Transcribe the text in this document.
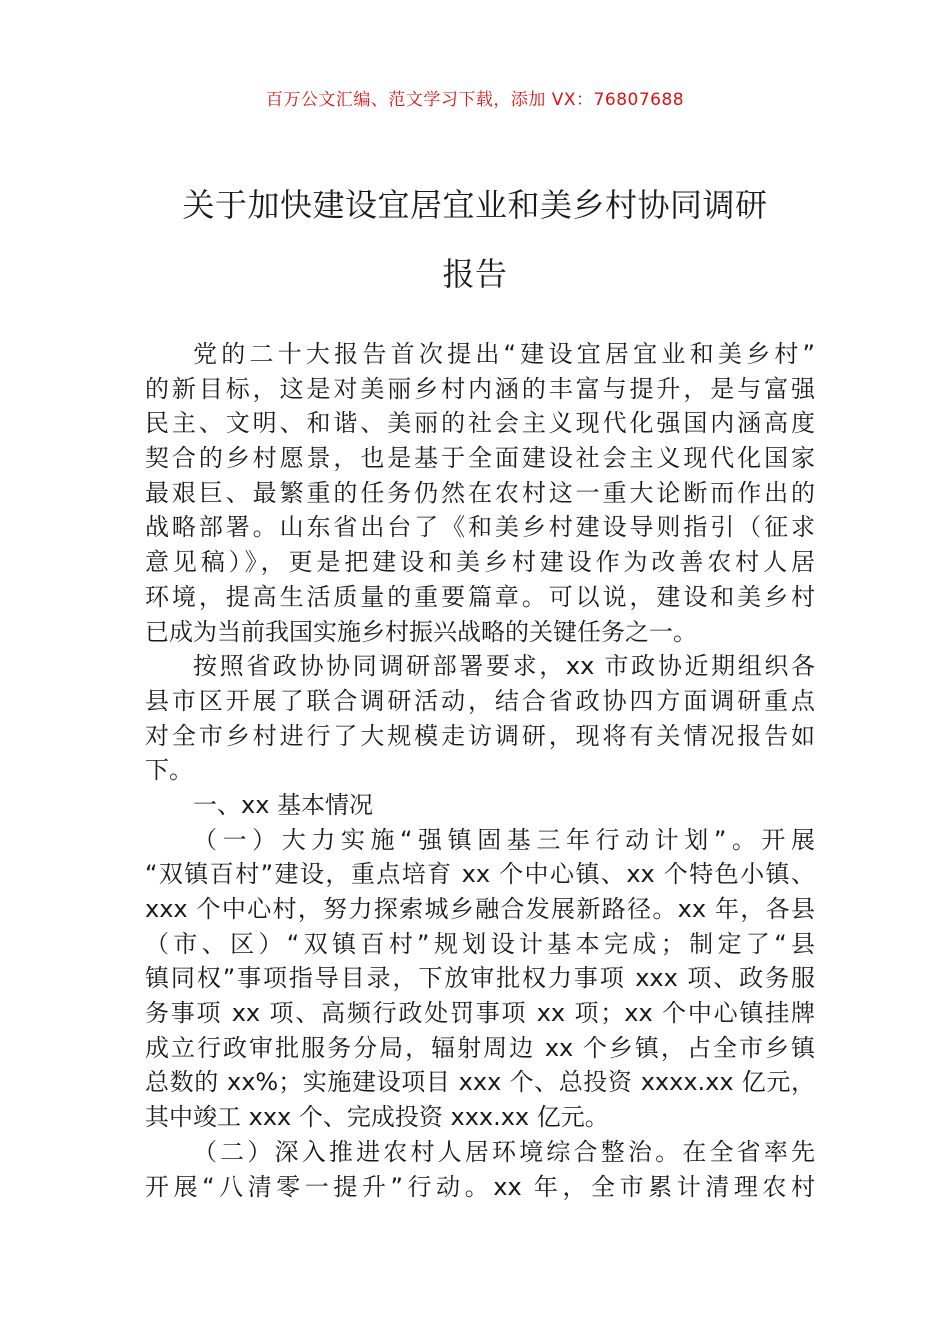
百万公文汇编、范文学习下载，添加 VX：76807688
关于加快建设宜居宜业和美乡村协同调研
报告
党的二十大报告首次提出“建设宜居宜业和美乡村”
的新目标，这是对美丽乡村内涵的丰富与提升，是与富强
民主、文明、和谐、美丽的社会主义现代化强国内涵高度
契合的乡村愿景，也是基于全面建设社会主义现代化国家
最艰巨、最繁重的任务仍然在农村这一重大论断而作出的
战略部署。山东省出台了《和美乡村建设导则指引（征求
意见稿）》，更是把建设和美乡村建设作为改善农村人居
环境，提高生活质量的重要篇章。可以说，建设和美乡村
已成为当前我国实施乡村振兴战略的关键任务之一。
按照省政协协同调研部署要求，xx 市政协近期组织各
县市区开展了联合调研活动，结合省政协四方面调研重点
对全市乡村进行了大规模走访调研，现将有关情况报告如
下。
一、xx 基本情况
（一）大力实施“强镇固基三年行动计划”。开展
“双镇百村”建设，重点培育 xx 个中心镇、xx 个特色小镇、
xxx 个中心村，努力探索城乡融合发展新路径。xx 年，各县
（市、区）“双镇百村”规划设计基本完成；制定了“县
镇同权”事项指导目录，下放审批权力事项 xxx 项、政务服
务事项 xx 项、高频行政处罚事项 xx 项；xx 个中心镇挂牌
成立行政审批服务分局，辐射周边 xx 个乡镇，占全市乡镇
总数的 xx%；实施建设项目 xxx 个、总投资 xxxx.xx 亿元，
其中竣工 xxx 个、完成投资 xxx.xx 亿元。
（二）深入推进农村人居环境综合整治。在全省率先
开展“八清零一提升”行动。xx 年，全市累计清理农村
